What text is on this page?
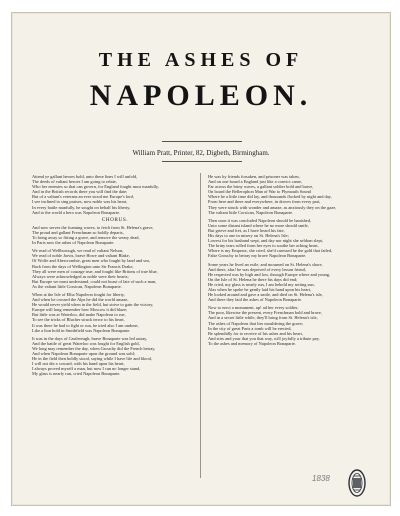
THE ASHES OF
NAPOLEON.
William Pratt, Printer, 82, Digbeth, Birmingham.

Attend ye gallant heroes bold, unto these lines I will unfold,

The deeds of valiant heroes I am going to relate,

Who her enemies so that can govern, for England fought most manfully,

And in the British records there you will find the date;

But of a valiant's veterans an ever stood me Europe's lord,

I see inclined to sing praises, now noble was his heart,

In every battle manfully, he sought on behalf his liberty,

And to the world a hero was Napoleon Bonaparte.

CHORUS.

And now serves the foaming waves, to fetch from St. Helena's grave,

The proud and gallant Frenchman so boldly departs,

To bring away so fitting a grave, and remove the weary dead,

In Paris now the ashes of Napoleon Bonaparte.

We read of Wellborough, we read of valiant Nelson,

We read of noble Jarvis, brave Howe and valiant Blake,

Of Wolfe and Abercrombie, great men who fought by land and sea,

Back from the days of Wellington unto Sir Francis Drake,

They all were men of courage true, and fought like Britons of true blue,

Always were acknowledged as noble were their hearts;

But Europe we must understand, could not boast of late of such a man,

As the valiant little Corsican, Napoleon Bonaparte.

When at the Isle of Elba Napoleon fought for liberty,

And when he crossed the Alps he did the world amaze,

He would never yield when in the field, but strive to gain the victory,

Europe will long remember how Moscow it did blaze;

But little was at Waterloo, did make Napoleon to rue,

To see the tricks of Blucher struck terror to his heart,

It was there he had to fight or run, he tried also I am undone,

Like a lion hold in Smithfield was Napoleon Bonaparte.

It was in the days of Castlereagh, brave Bonaparte was led astray,

And the battle of great Waterloo was fought for English gold,

We long may remember the day, when Grouchy did the French betray,

And when Napoleon Bonaparte upon the ground was sold;

He in the field then boldly stood, saying while I have life and blood,

I will not die a coward, with his hand upon his heart,

I always proved myself a man, but now I can no longer stand,

My glass is nearly run, cried Napoleon Bonaparte.

He was by friends forsaken, and prisoner was taken,

And on one board a England just like a convict came,

Far across the briny waves, a gallant soldier bold and brave,

On board the Bellerophon Man of War to Plymouth Sound

Where he a little time did lay, and thousands flocked by night and day,

From here and there and everywhere, in droves from every part,

They were struck with wonder and amaze, as anxiously they on the gaze,

The valiant little Corsican, Napoleon Bonaparte.

Then soon it was concluded Napoleon should be banished,

Unto some distant island where he no more should smile,

But grieve and fret, as I have heard his fate,

His days to one in misery on St. Helena's Isle;

Lowest for his husband wept, and day nor night she seldom slept,

The briny tears rolled from her eyes to soothe her aching heart,

Where is my Emperor, she cried, she'd caressed he the gold that failed,

False Grouchy to betray my brave Napoleon Bonaparte.

Some years he lived an exile, and mourned on St. Helena's shore,

And there, alas! he was deprived of every lesson friend,

He respected was by high and low, through Europe where and young,

On the Isle of St. Helena he there his days did end;

He cried, my glass is nearly run, I am behold my setting sun,

Alas when he spoke he gently laid his hand upon his heart,

He looked around and gave a smile, and died on St. Helena's isle,

And there they laid the ashes of Napoleon Bonaparte.

Now to erect a monument, up! ad her every soldier,

The poor, likewise the present, every Frenchman bold and brave,

And in a secret little while, they'll bring from St. Helena's isle,

The ashes of Napoleon that lies mouldering the grave;

In the city of great Paris a tomb will be erected,

Be splendidly for to receive of his ashes and his heart,

And stirs and your that you that way, will joyfully a tribute pay,

To the ashes and memory of Napoleon Bonaparte.

1838
